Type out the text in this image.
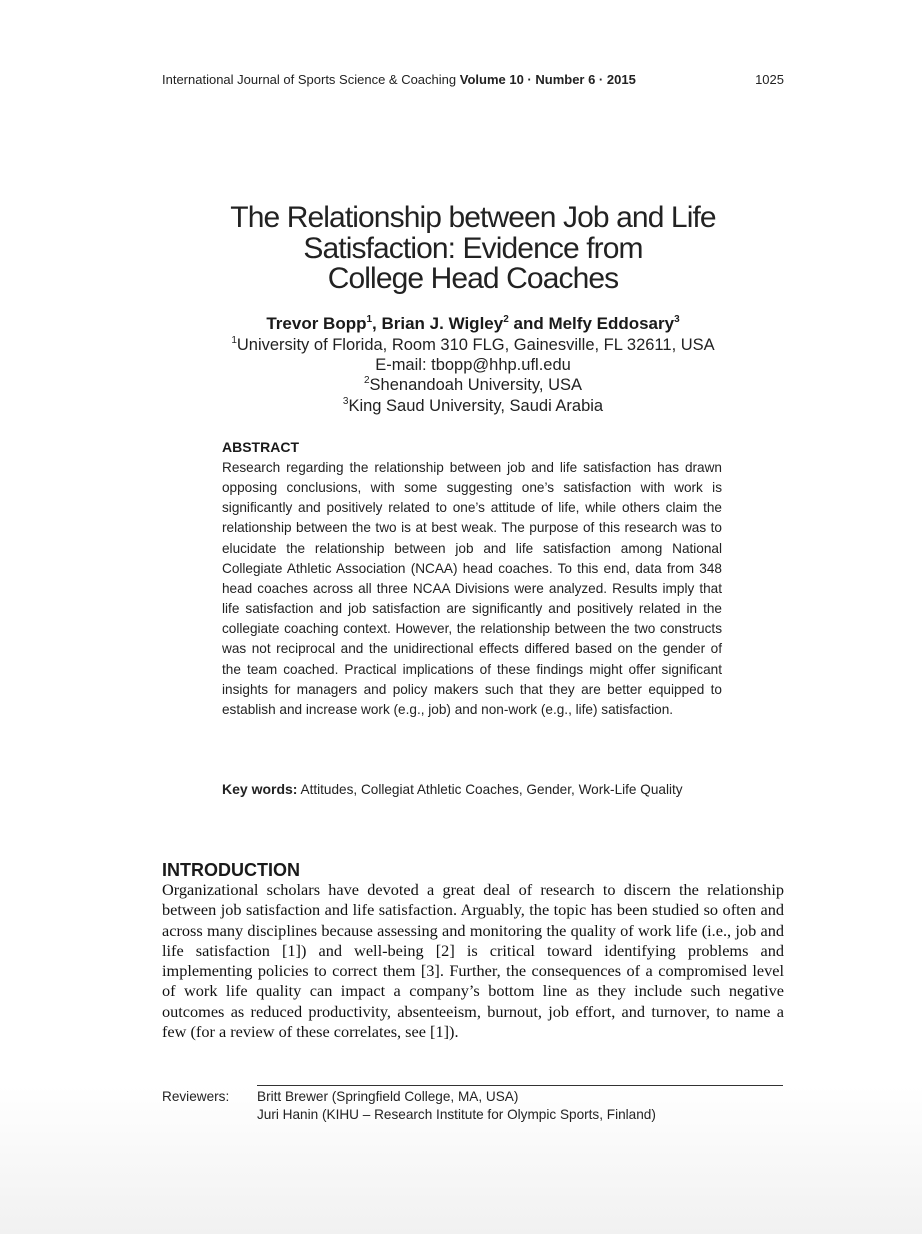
International Journal of Sports Science & Coaching Volume 10 · Number 6 · 2015	1025
The Relationship between Job and Life
Satisfaction: Evidence from
College Head Coaches
Trevor Bopp$^1$, Brian J. Wigley$^2$ and Melfy Eddosary$^3$
$^1$University of Florida, Room 310 FLG, Gainesville, FL 32611, USA
E-mail: tbopp@hhp.ufl.edu
$^2$Shenandoah University, USA
$^3$King Saud University, Saudi Arabia
ABSTRACT
Research regarding the relationship between job and life satisfaction has drawn opposing conclusions, with some suggesting one’s satisfaction with work is significantly and positively related to one’s attitude of life, while others claim the relationship between the two is at best weak. The purpose of this research was to elucidate the relationship between job and life satisfaction among National Collegiate Athletic Association (NCAA) head coaches. To this end, data from 348 head coaches across all three NCAA Divisions were analyzed. Results imply that life satisfaction and job satisfaction are significantly and positively related in the collegiate coaching context. However, the relationship between the two constructs was not reciprocal and the unidirectional effects differed based on the gender of the team coached. Practical implications of these findings might offer significant insights for managers and policy makers such that they are better equipped to establish and increase work (e.g., job) and non-work (e.g., life) satisfaction.
Key words: Attitudes, Collegiat Athletic Coaches, Gender, Work-Life Quality
INTRODUCTION
Organizational scholars have devoted a great deal of research to discern the relationship between job satisfaction and life satisfaction. Arguably, the topic has been studied so often and across many disciplines because assessing and monitoring the quality of work life (i.e., job and life satisfaction [1]) and well-being [2] is critical toward identifying problems and implementing policies to correct them [3]. Further, the consequences of a compromised level of work life quality can impact a company’s bottom line as they include such negative outcomes as reduced productivity, absenteeism, burnout, job effort, and turnover, to name a few (for a review of these correlates, see [1]).
Reviewers: Britt Brewer (Springfield College, MA, USA)
Juri Hanin (KIHU – Research Institute for Olympic Sports, Finland)
